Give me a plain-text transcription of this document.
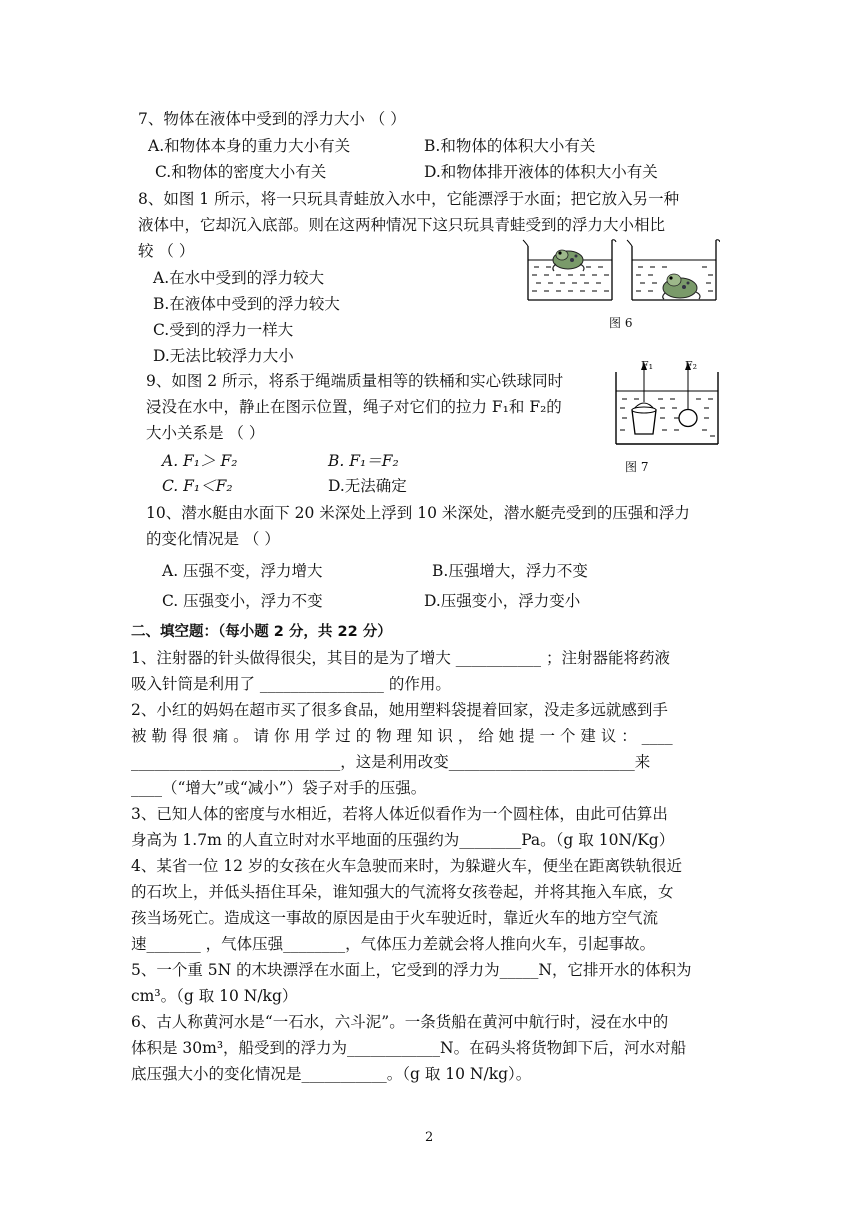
7、物体在液体中受到的浮力大小 （ ）
A.和物体本身的重力大小有关	B.和物体的体积大小有关
C.和物体的密度大小有关	D.和物体排开液体的体积大小有关
8、如图 1 所示，将一只玩具青蛙放入水中，它能漂浮于水面；把它放入另一种
液体中，它却沉入底部。则在这两种情况下这只玩具青蛙受到的浮力大小相比
较 （ ）
A.在水中受到的浮力较大
B.在液体中受到的浮力较大
C.受到的浮力一样大
D.无法比较浮力大小
图 6
9、如图 2 所示，将系于绳端质量相等的铁桶和实心铁球同时
浸没在水中，静止在图示位置，绳子对它们的拉力 F₁和 F₂的
大小关系是 （ ）
A. F₁＞ F₂	B. F₁＝F₂
C. F₁＜F₂	D.无法确定
F₁	F₂
图 7
10、潜水艇由水面下 20 米深处上浮到 10 米深处，潜水艇壳受到的压强和浮力
的变化情况是 （ ）
A. 压强不变，浮力增大	B.压强增大，浮力不变
C. 压强变小，浮力不变	D.压强变小，浮力变小
二、填空题：（每小题 2 分，共 22 分）
1、注射器的针头做得很尖，其目的是为了增大 ___________ ；注射器能将药液
吸入针筒是利用了 ________________ 的作用。
2、小红的妈妈在超市买了很多食品，她用塑料袋提着回家，没走多远就感到手
被 勒 得 很 痛 。 请 你 用 学 过 的 物 理 知 识 ， 给 她 提 一 个 建 议 ： ____
___________________________，这是利用改变________________________来
____（“增大”或“减小”）袋子对手的压强。
3、已知人体的密度与水相近，若将人体近似看作为一个圆柱体，由此可估算出
身高为 1.7m 的人直立时对水平地面的压强约为________Pa。（g 取 10N/Kg）
4、某省一位 12 岁的女孩在火车急驶而来时，为躲避火车，便坐在距离铁轨很近
的石坎上，并低头捂住耳朵，谁知强大的气流将女孩卷起，并将其拖入车底，女
孩当场死亡。造成这一事故的原因是由于火车驶近时，靠近火车的地方空气流
速_______ ，气体压强________，气体压力差就会将人推向火车，引起事故。
5、一个重 5N 的木块漂浮在水面上，它受到的浮力为_____N，它排开水的体积为
cm³。（g 取 10 N/kg）
6、古人称黄河水是“一石水，六斗泥”。一条货船在黄河中航行时，浸在水中的
体积是 30m³，船受到的浮力为____________N。在码头将货物卸下后，河水对船
底压强大小的变化情况是___________。（g 取 10 N/kg）。
2
